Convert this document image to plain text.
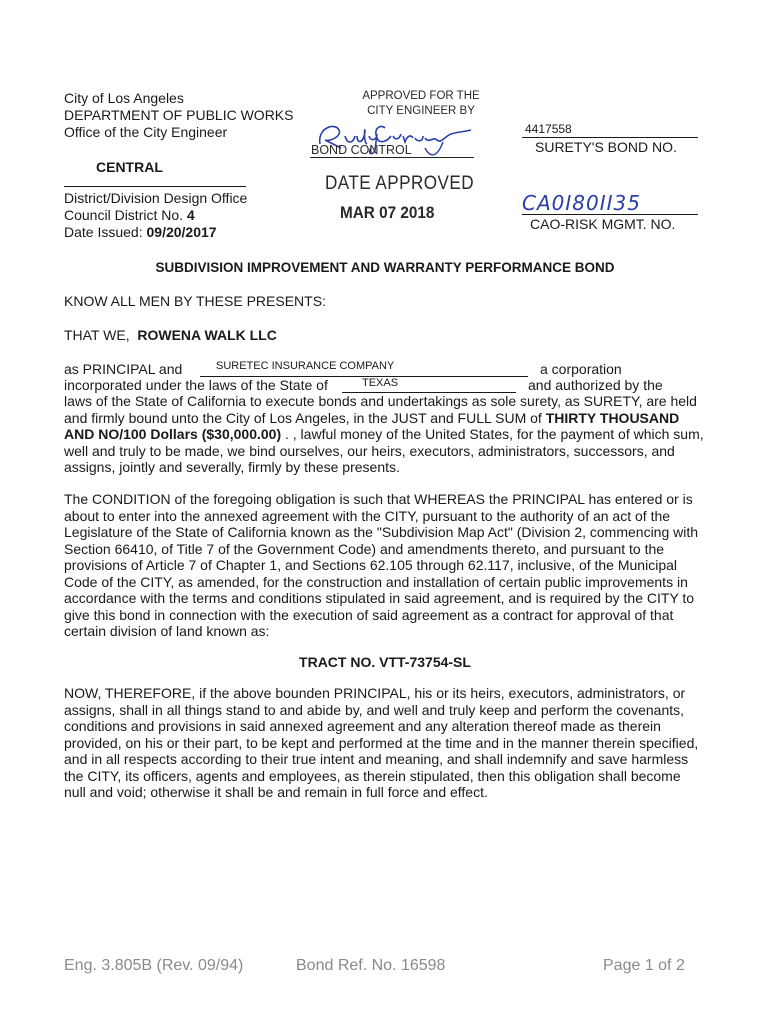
City of Los Angeles
DEPARTMENT OF PUBLIC WORKS
Office of the City Engineer
CENTRAL
District/Division Design Office
Council District No. 4
Date Issued: 09/20/2017
APPROVED FOR THE
CITY ENGINEER BY
BOND CONTROL
DATE APPROVED
MAR 07 2018
4417558
SURETY'S BOND NO.
CA0I80II35
CAO-RISK MGMT. NO.
SUBDIVISION IMPROVEMENT AND WARRANTY PERFORMANCE BOND
KNOW ALL MEN BY THESE PRESENTS:
THAT WE, ROWENA WALK LLC
as PRINCIPAL and	SURETEC INSURANCE COMPANY	a corporation
incorporated under the laws of the State of	TEXAS	and authorized by the

laws of the State of California to execute bonds and undertakings as sole surety, as SURETY, are held and firmly bound unto the City of Los Angeles, in the JUST and FULL SUM of THIRTY THOUSAND AND NO/100 Dollars ($30,000.00) . , lawful money of the United States, for the payment of which sum, well and truly to be made, we bind ourselves, our heirs, executors, administrators, successors, and assigns, jointly and severally, firmly by these presents.

The CONDITION of the foregoing obligation is such that WHEREAS the PRINCIPAL has entered or is about to enter into the annexed agreement with the CITY, pursuant to the authority of an act of the Legislature of the State of California known as the "Subdivision Map Act" (Division 2, commencing with Section 66410, of Title 7 of the Government Code) and amendments thereto, and pursuant to the provisions of Article 7 of Chapter 1, and Sections 62.105 through 62.117, inclusive, of the Municipal Code of the CITY, as amended, for the construction and installation of certain public improvements in accordance with the terms and conditions stipulated in said agreement, and is required by the CITY to give this bond in connection with the execution of said agreement as a contract for approval of that certain division of land known as:

TRACT NO. VTT-73754-SL

NOW, THEREFORE, if the above bounden PRINCIPAL, his or its heirs, executors, administrators, or assigns, shall in all things stand to and abide by, and well and truly keep and perform the covenants, conditions and provisions in said annexed agreement and any alteration thereof made as therein provided, on his or their part, to be kept and performed at the time and in the manner therein specified, and in all respects according to their true intent and meaning, and shall indemnify and save harmless the CITY, its officers, agents and employees, as therein stipulated, then this obligation shall become null and void; otherwise it shall be and remain in full force and effect.

Eng. 3.805B (Rev. 09/94)	Bond Ref. No. 16598	Page 1 of 2
